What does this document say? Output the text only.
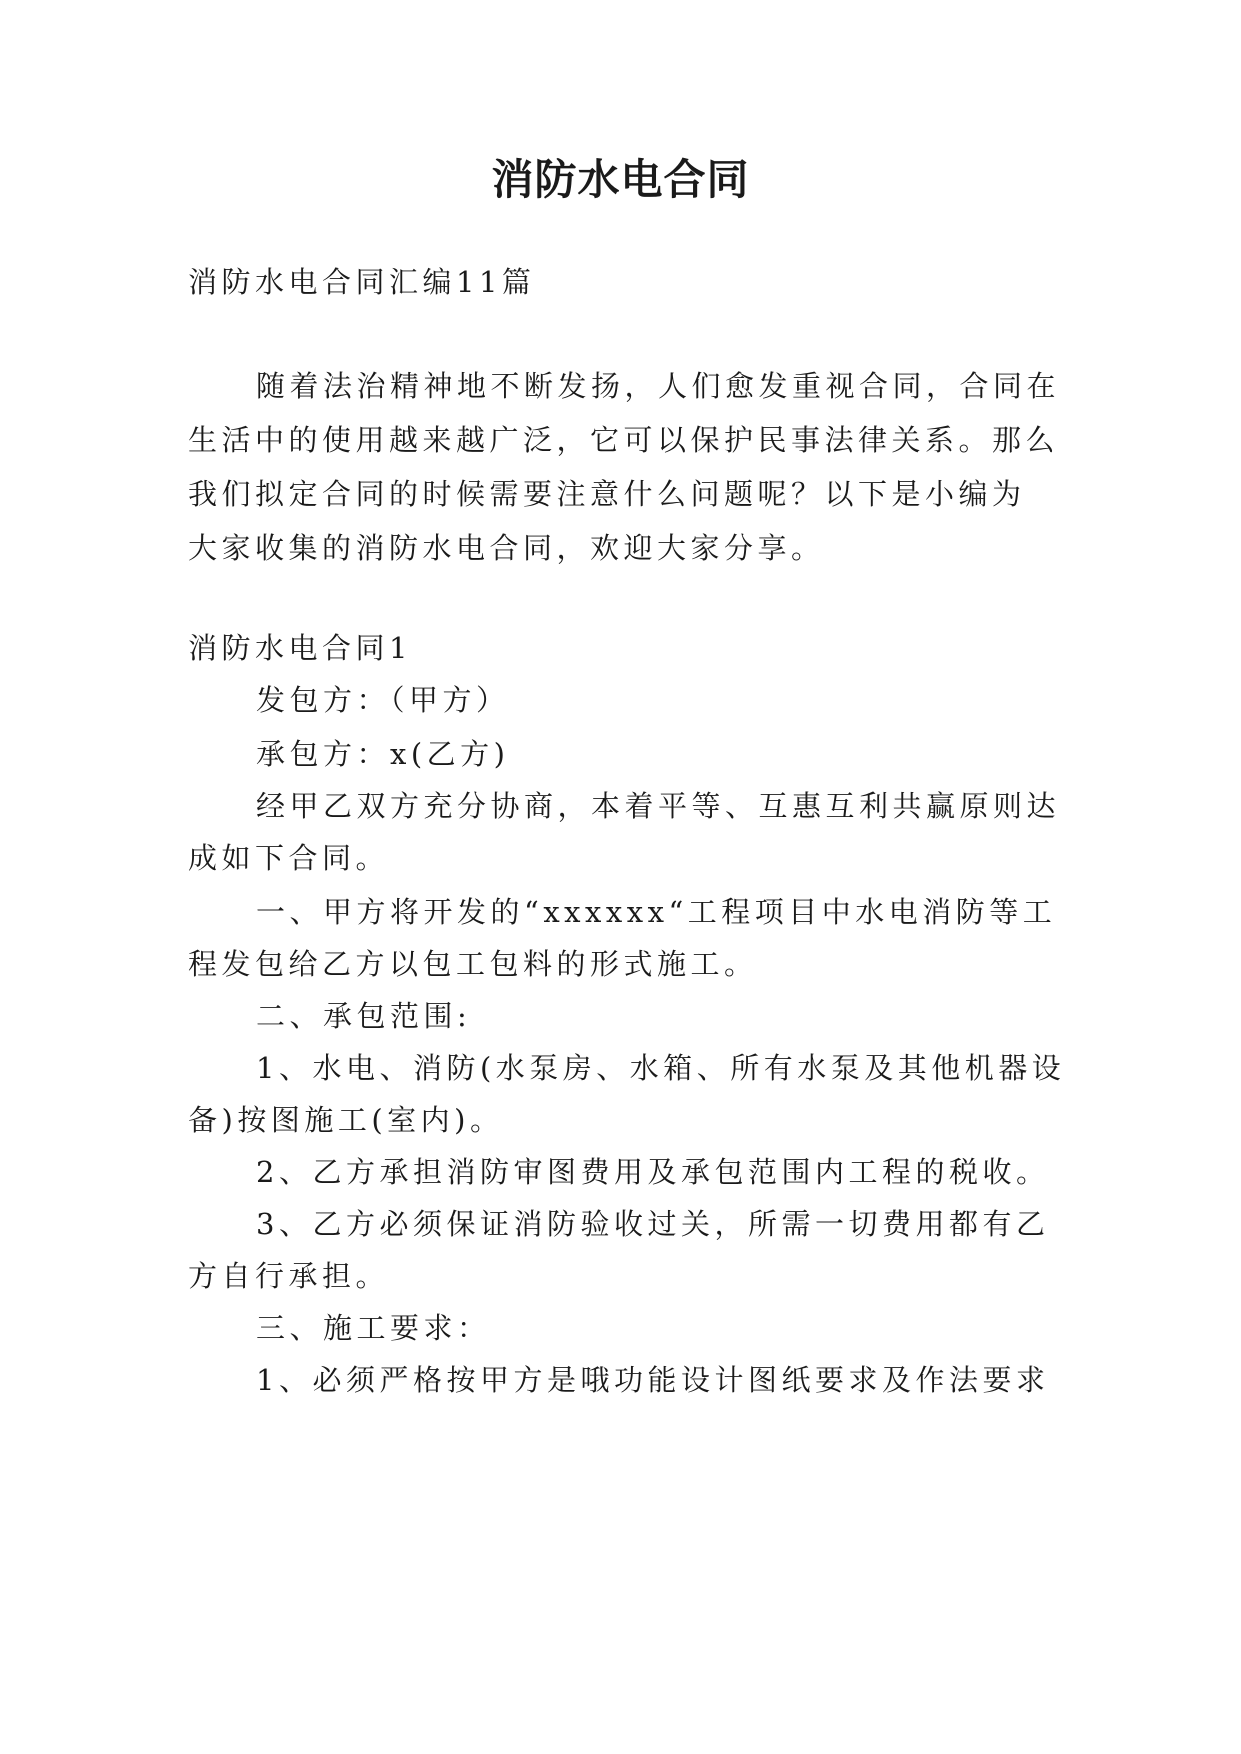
消防水电合同

消防水电合同汇编11篇

随着法治精神地不断发扬，人们愈发重视合同，合同在

生活中的使用越来越广泛，它可以保护民事法律关系。那么

我们拟定合同的时候需要注意什么问题呢？以下是小编为

大家收集的消防水电合同，欢迎大家分享。

消防水电合同1

发包方：（甲方）

承包方：x(乙方)

经甲乙双方充分协商，本着平等、互惠互利共赢原则达

成如下合同。

一、甲方将开发的“xxxxxx“工程项目中水电消防等工

程发包给乙方以包工包料的形式施工。

二、承包范围:

1、水电、消防(水泵房、水箱、所有水泵及其他机器设

备)按图施工(室内)。

2、乙方承担消防审图费用及承包范围内工程的税收。

3、乙方必须保证消防验收过关，所需一切费用都有乙

方自行承担。

三、施工要求：

1、必须严格按甲方是哦功能设计图纸要求及作法要求
